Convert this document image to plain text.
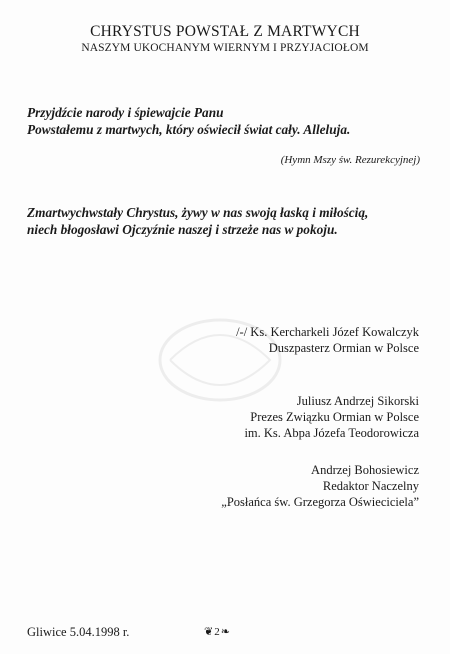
CHRYSTUS POWSTAŁ Z MARTWYCH
NASZYM UKOCHANYM WIERNYM I PRZYJACIOŁOM
Przyjdźcie narody i śpiewajcie Panu
Powstałemu z martwych, który oświecił świat cały. Alleluja.
(Hymn Mszy św. Rezurekcyjnej)
Zmartwychwstały Chrystus, żywy w nas swoją łaską i miłością,
niech błogosławi Ojczyźnie naszej i strzeże nas w pokoju.
/-/ Ks. Kercharkeli Józef Kowalczyk
Duszpasterz Ormian w Polsce
Juliusz Andrzej Sikorski
Prezes Związku Ormian w Polsce
im. Ks. Abpa Józefa Teodorowicza
Andrzej Bohosiewicz
Redaktor Naczelny
„Posłańca św. Grzegorza Oświeciciela”
Gliwice 5.04.1998 r.	❦2❧
